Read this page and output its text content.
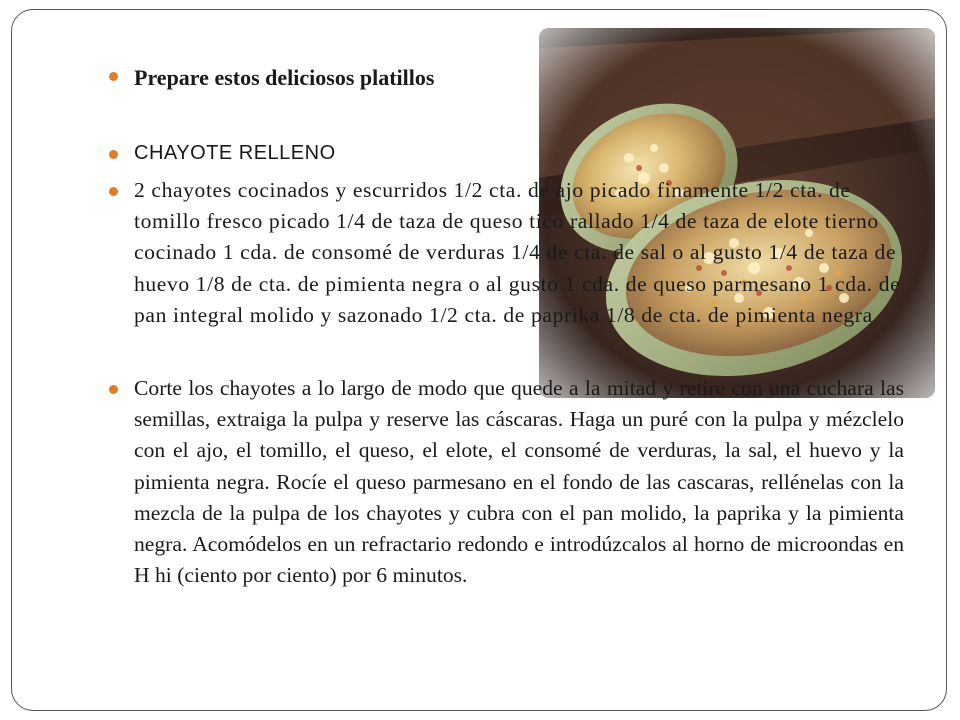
Prepare estos deliciosos platillos
CHAYOTE RELLENO
2 chayotes cocinados y escurridos 1/2 cta. de ajo picado finamente 1/2 cta. de tomillo fresco picado 1/4 de taza de queso tico rallado 1/4 de taza de elote tierno cocinado 1 cda. de consomé de verduras 1/4 de cta. de sal o al gusto 1/4 de taza de huevo 1/8 de cta. de pimienta negra o al gusto 1 cda. de queso parmesano 1 cda. de pan integral molido y sazonado 1/2 cta. de paprika 1/8 de cta. de pimienta negra
Corte los chayotes a lo largo de modo que quede a la mitad y retire con una cuchara las semillas, extraiga la pulpa y reserve las cáscaras. Haga un puré con la pulpa y mézclelo con el ajo, el tomillo, el queso, el elote, el consomé de verduras, la sal, el huevo y la pimienta negra. Rocíe el queso parmesano en el fondo de las cascaras, rellénelas con la mezcla de la pulpa de los chayotes y cubra con el pan molido, la paprika y la pimienta negra. Acomódelos en un refractario redondo e introdúzcalos al horno de microondas en H hi (ciento por ciento) por 6 minutos.
